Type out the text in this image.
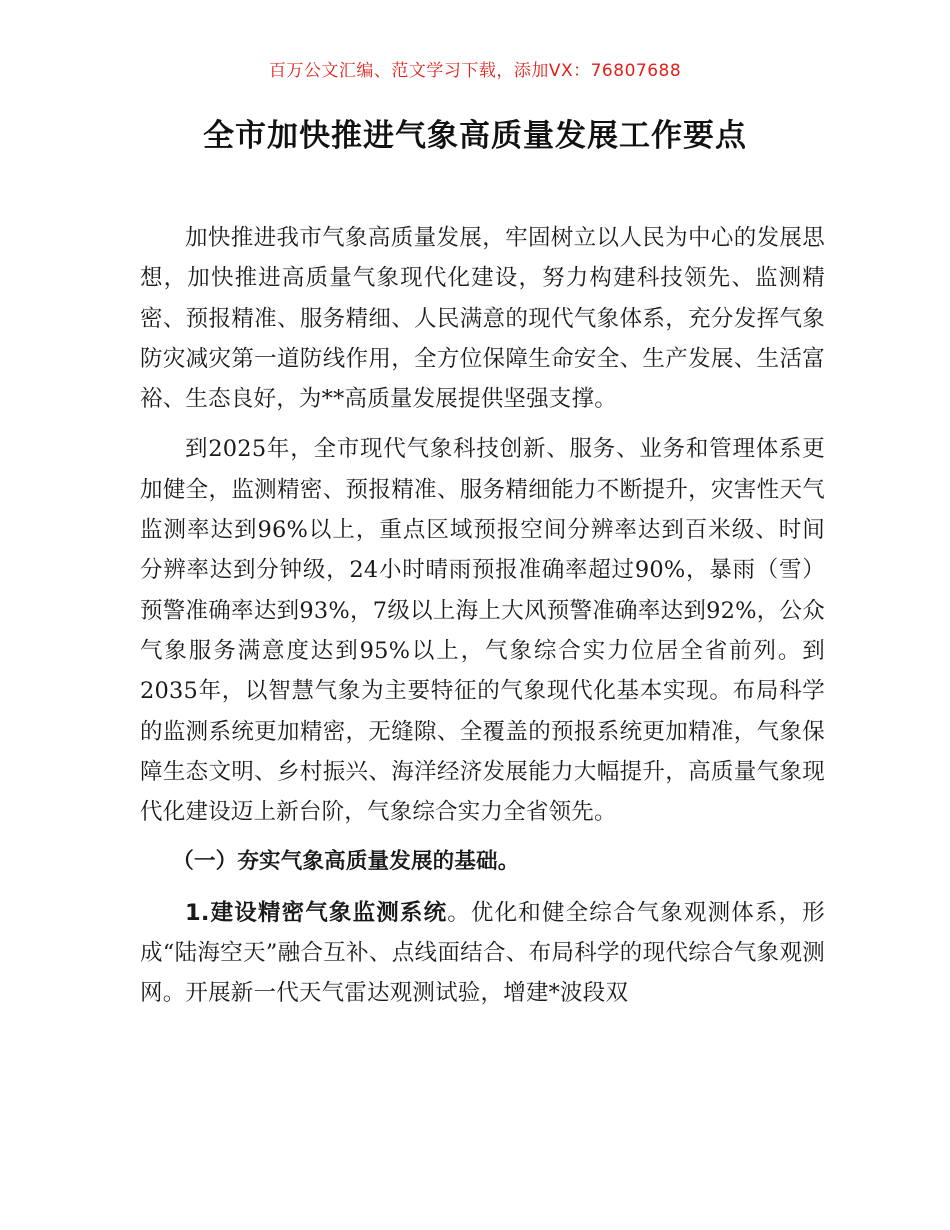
百万公文汇编、范文学习下载，添加VX：76807688
全市加快推进气象高质量发展工作要点

加快推进我市气象高质量发展，牢固树立以人民为中心的发展思想，加快推进高质量气象现代化建设，努力构建科技领先、监测精密、预报精准、服务精细、人民满意的现代气象体系，充分发挥气象防灾减灾第一道防线作用，全方位保障生命安全、生产发展、生活富裕、生态良好，为**高质量发展提供坚强支撑。

到2025年，全市现代气象科技创新、服务、业务和管理体系更加健全，监测精密、预报精准、服务精细能力不断提升，灾害性天气监测率达到96%以上，重点区域预报空间分辨率达到百米级、时间分辨率达到分钟级，24小时晴雨预报准确率超过90%，暴雨（雪）预警准确率达到93%，7级以上海上大风预警准确率达到92%，公众气象服务满意度达到95%以上，气象综合实力位居全省前列。到2035年，以智慧气象为主要特征的气象现代化基本实现。布局科学的监测系统更加精密，无缝隙、全覆盖的预报系统更加精准，气象保障生态文明、乡村振兴、海洋经济发展能力大幅提升，高质量气象现代化建设迈上新台阶，气象综合实力全省领先。

（一）夯实气象高质量发展的基础。

1.建设精密气象监测系统。优化和健全综合气象观测体系，形成“陆海空天”融合互补、点线面结合、布局科学的现代综合气象观测网。开展新一代天气雷达观测试验，增建*波段双
